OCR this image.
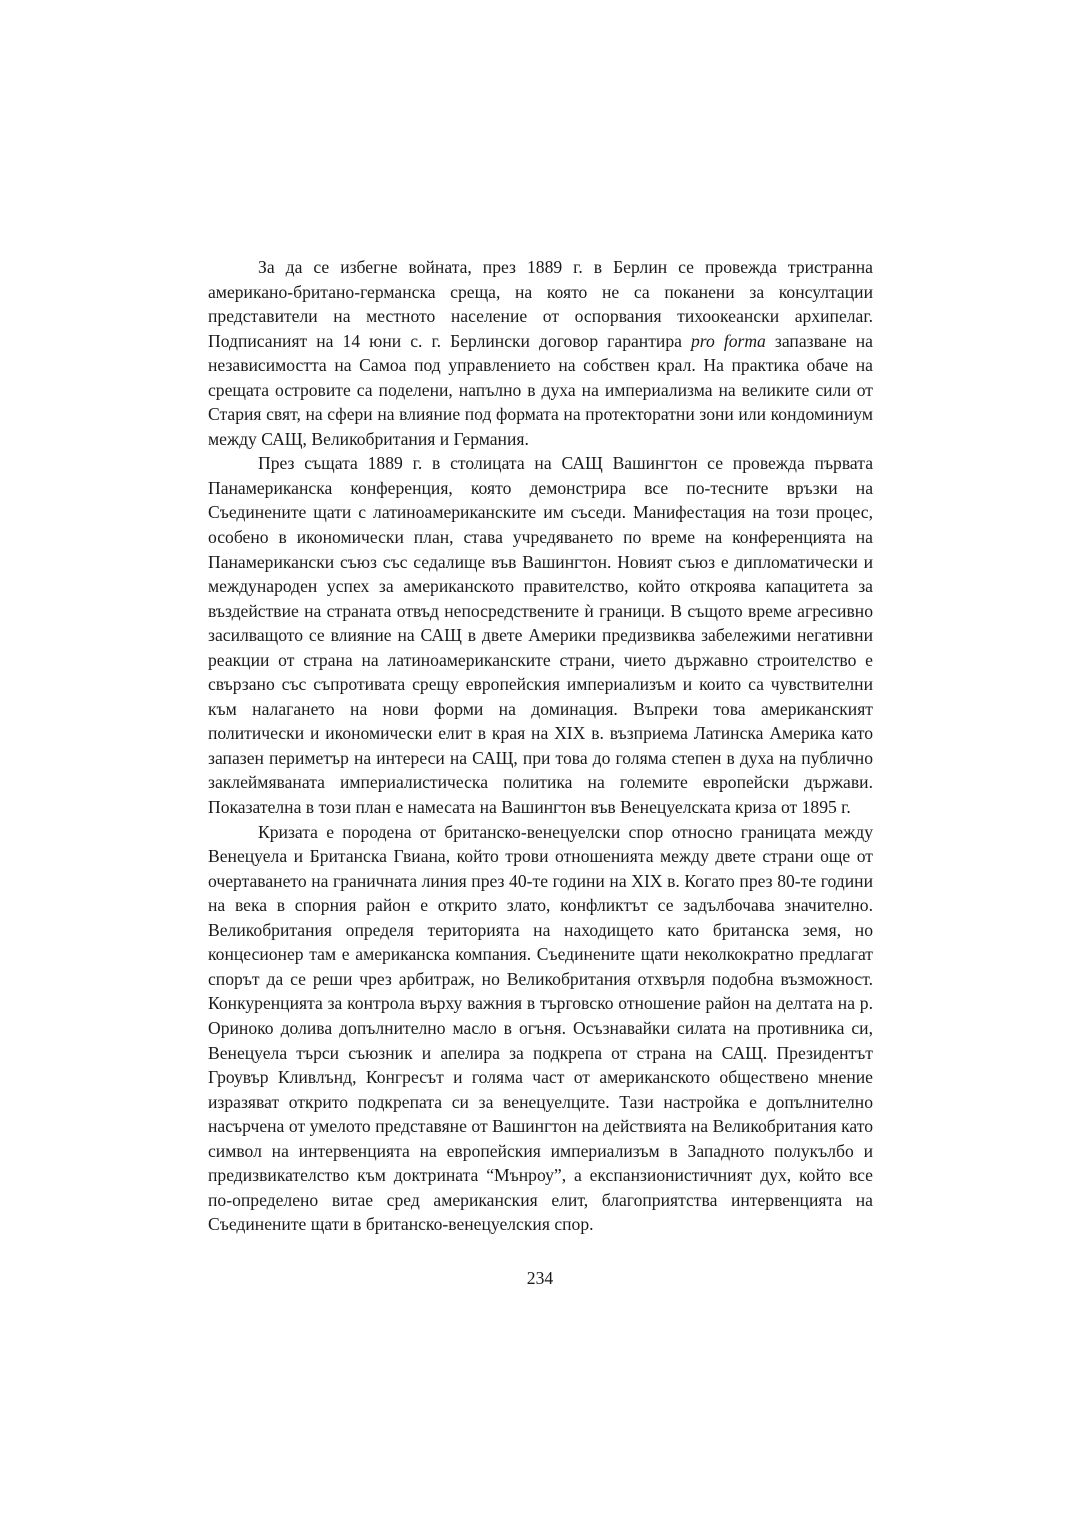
За да се избегне войната, през 1889 г. в Берлин се провежда тристранна американо-британо-германска среща, на която не са поканени за консултации представители на местното население от оспорвания тихоокеански архипелаг. Подписаният на 14 юни с. г. Берлински договор гарантира pro forma запазване на независимостта на Самоа под управлението на собствен крал. На практика обаче на срещата островите са поделени, напълно в духа на империализма на великите сили от Стария свят, на сфери на влияние под формата на протекторатни зони или кондоминиум между САЩ, Великобритания и Германия.

През същата 1889 г. в столицата на САЩ Вашингтон се провежда първата Панамериканска конференция, която демонстрира все по-тесните връзки на Съединените щати с латиноамериканските им съседи. Манифестация на този процес, особено в икономически план, става учредяването по време на конференцията на Панамерикански съюз със седалище във Вашингтон. Новият съюз е дипломатически и международен успех за американското правителство, който откроява капацитета за въздействие на страната отвъд непосредствените ѝ граници. В същото време агресивно засилващото се влияние на САЩ в двете Америки предизвиква забележими негативни реакции от страна на латиноамериканските страни, чието държавно строителство е свързано със съпротивата срещу европейския империализъм и които са чувствителни към налагането на нови форми на доминация. Въпреки това американският политически и икономически елит в края на XIX в. възприема Латинска Америка като запазен периметър на интереси на САЩ, при това до голяма степен в духа на публично заклеймяваната империалистическа политика на големите европейски държави. Показателна в този план е намесата на Вашингтон във Венецуелската криза от 1895 г.

Кризата е породена от британско-венецуелски спор относно границата между Венецуела и Британска Гвиана, който трови отношенията между двете страни още от очертаването на граничната линия през 40-те години на XIX в. Когато през 80-те години на века в спорния район е открито злато, конфликтът се задълбочава значително. Великобритания определя територията на находището като британска земя, но концесионер там е американска компания. Съединените щати неколкократно предлагат спорът да се реши чрез арбитраж, но Великобритания отхвърля подобна възможност. Конкуренцията за контрола върху важния в търговско отношение район на делтата на р. Ориноко долива допълнително масло в огъня. Осъзнавайки силата на противника си, Венецуела търси съюзник и апелира за подкрепа от страна на САЩ. Президентът Гроувър Кливлънд, Конгресът и голяма част от американското обществено мнение изразяват открито подкрепата си за венецуелците. Тази настройка е допълнително насърчена от умелото представяне от Вашингтон на действията на Великобритания като символ на интервенцията на европейския империализъм в Западното полукълбо и предизвикателство към доктрината “Мънроу”, а експанзионистичният дух, който все по-определено витае сред американския елит, благоприятства интервенцията на Съединените щати в британско-венецуелския спор.

234
